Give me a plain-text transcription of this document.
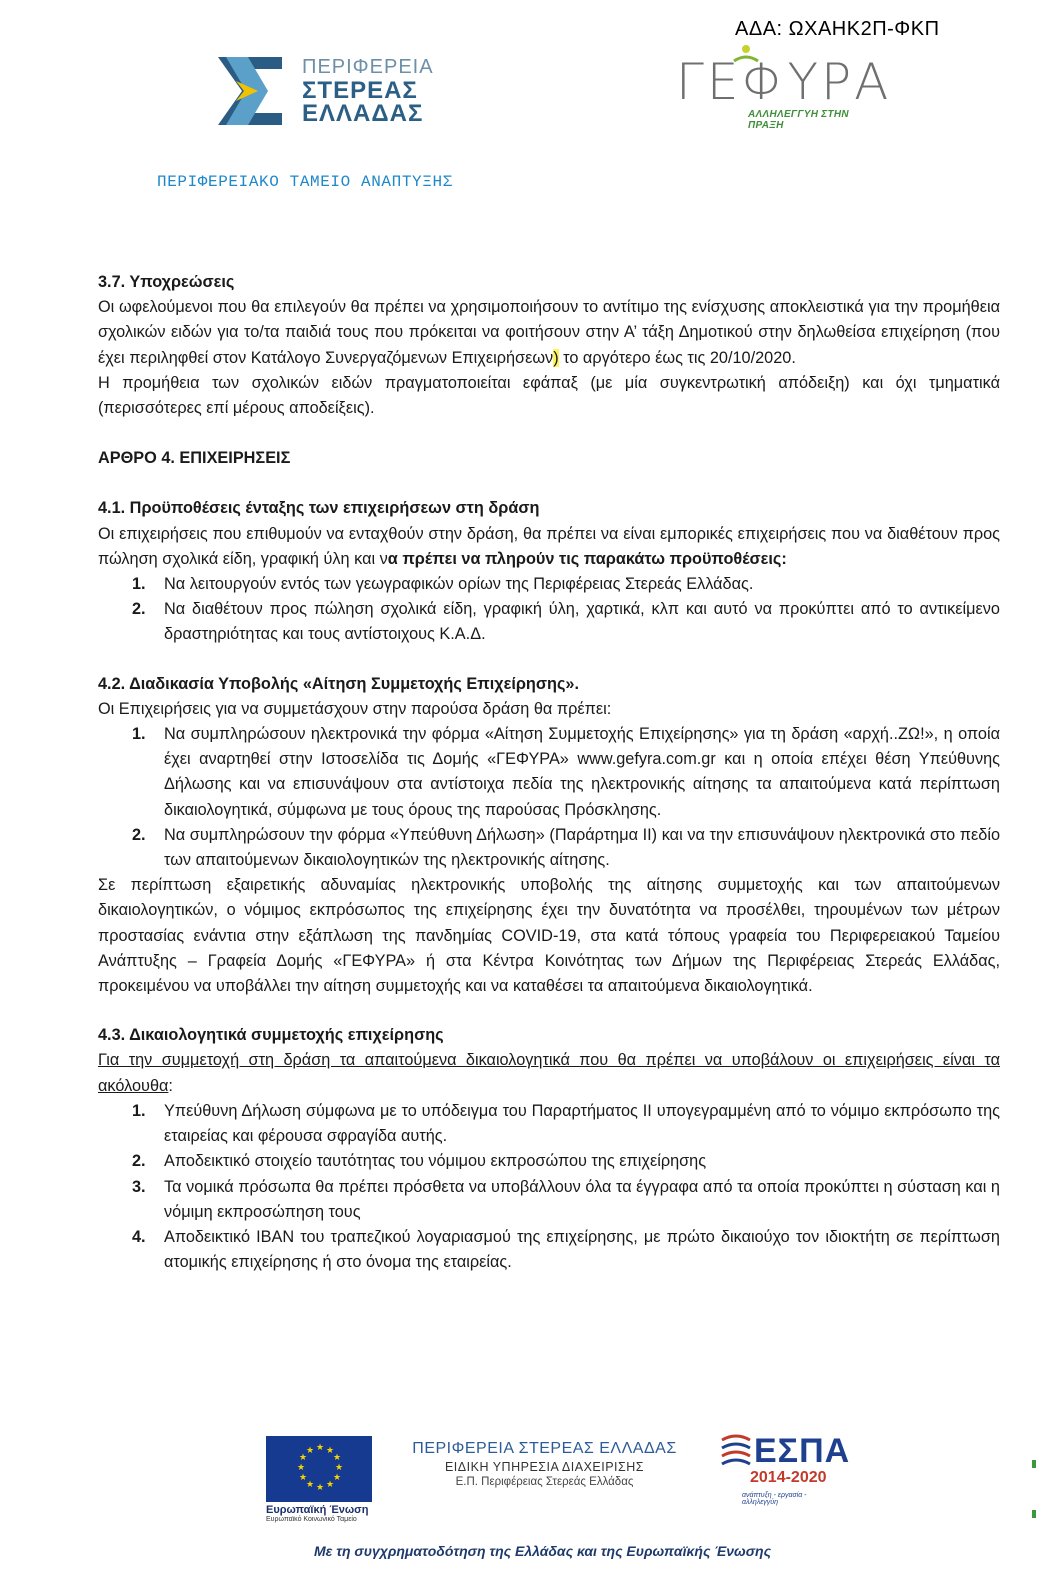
ΑΔΑ: ΩΧΑΗΚ2Π-ΦΚΠ
ΠΕΡΙΦΕΡΕΙΑ
ΣΤΕΡΕΑΣ
ΕΛΛΑΔΑΣ
ΓΕΦΥΡΑ
ΑΛΛΗΛΕΓΓΥΗ ΣΤΗΝ ΠΡΑΞΗ
ΠΕΡΙΦΕΡΕΙΑΚΟ ΤΑΜΕΙΟ ΑΝΑΠΤΥΞΗΣ

3.7. Υποχρεώσεις

Οι ωφελούμενοι που θα επιλεγούν θα πρέπει να χρησιμοποιήσουν το αντίτιμο της ενίσχυσης αποκλειστικά για την προμήθεια σχολικών ειδών για το/τα παιδιά τους που πρόκειται να φοιτήσουν στην Α’ τάξη Δημοτικού στην δηλωθείσα επιχείρηση (που έχει περιληφθεί στον Κατάλογο Συνεργαζόμενων Επιχειρήσεων) το αργότερο έως τις 20/10/2020.

Η προμήθεια των σχολικών ειδών πραγματοποιείται εφάπαξ (με μία συγκεντρωτική απόδειξη) και όχι τμηματικά (περισσότερες επί μέρους αποδείξεις).

ΑΡΘΡΟ 4. ΕΠΙΧΕΙΡΗΣΕΙΣ

4.1. Προϋποθέσεις ένταξης των επιχειρήσεων στη δράση

Οι επιχειρήσεις που επιθυμούν να ενταχθούν στην δράση, θα πρέπει να είναι εμπορικές επιχειρήσεις που να διαθέτουν προς πώληση σχολικά είδη, γραφική ύλη και να πρέπει να πληρούν τις παρακάτω προϋποθέσεις:

1. Να λειτουργούν εντός των γεωγραφικών ορίων της Περιφέρειας Στερεάς Ελλάδας.
2. Να διαθέτουν προς πώληση σχολικά είδη, γραφική ύλη, χαρτικά, κλπ και αυτό να προκύπτει από το αντικείμενο δραστηριότητας και τους αντίστοιχους Κ.Α.Δ.

4.2. Διαδικασία Υποβολής «Αίτηση Συμμετοχής Επιχείρησης».

Οι Επιχειρήσεις για να συμμετάσχουν στην παρούσα δράση θα πρέπει:

1. Να συμπληρώσουν ηλεκτρονικά την φόρμα «Αίτηση Συμμετοχής Επιχείρησης» για τη δράση «αρχή..ΖΩ!», η οποία έχει αναρτηθεί στην Ιστοσελίδα τις Δομής «ΓΕΦΥΡΑ» www.gefyra.com.gr και η οποία επέχει θέση Υπεύθυνης Δήλωσης και να επισυνάψουν στα αντίστοιχα πεδία της ηλεκτρονικής αίτησης τα απαιτούμενα κατά περίπτωση δικαιολογητικά, σύμφωνα με τους όρους της παρούσας Πρόσκλησης.
2. Να συμπληρώσουν την φόρμα «Υπεύθυνη Δήλωση» (Παράρτημα ΙΙ) και να την επισυνάψουν ηλεκτρονικά στο πεδίο των απαιτούμενων δικαιολογητικών της ηλεκτρονικής αίτησης.

Σε περίπτωση εξαιρετικής αδυναμίας ηλεκτρονικής υποβολής της αίτησης συμμετοχής και των απαιτούμενων δικαιολογητικών, ο νόμιμος εκπρόσωπος της επιχείρησης έχει την δυνατότητα να προσέλθει, τηρουμένων των μέτρων προστασίας ενάντια στην εξάπλωση της πανδημίας COVID-19, στα κατά τόπους γραφεία του Περιφερειακού Ταμείου Ανάπτυξης – Γραφεία Δομής «ΓΕΦΥΡΑ» ή στα Κέντρα Κοινότητας των Δήμων της Περιφέρειας Στερεάς Ελλάδας, προκειμένου να υποβάλλει την αίτηση συμμετοχής και να καταθέσει τα απαιτούμενα δικαιολογητικά.

4.3. Δικαιολογητικά συμμετοχής επιχείρησης

Για την συμμετοχή στη δράση τα απαιτούμενα δικαιολογητικά που θα πρέπει να υποβάλουν οι επιχειρήσεις είναι τα ακόλουθα:

1. Υπεύθυνη Δήλωση σύμφωνα με το υπόδειγμα του Παραρτήματος ΙΙ υπογεγραμμένη από το νόμιμο εκπρόσωπο της εταιρείας και φέρουσα σφραγίδα αυτής.
2. Αποδεικτικό στοιχείο ταυτότητας του νόμιμου εκπροσώπου της επιχείρησης
3. Τα νομικά πρόσωπα θα πρέπει πρόσθετα να υποβάλλουν όλα τα έγγραφα από τα οποία προκύπτει η σύσταση και η νόμιμη εκπροσώπηση τους
4. Αποδεικτικό IBAN του τραπεζικού λογαριασμού της επιχείρησης, με πρώτο δικαιούχο τον ιδιοκτήτη σε περίπτωση ατομικής επιχείρησης ή στο όνομα της εταιρείας.
★ ★
★
★
★
★
★
★
★
★
★
★
Ευρωπαϊκή Ένωση
Ευρωπαϊκό Κοινωνικό Ταμείο
ΠΕΡΙΦΕΡΕΙΑ ΣΤΕΡΕΑΣ ΕΛΛΑΔΑΣ
ΕΙΔΙΚΗ ΥΠΗΡΕΣΙΑ ΔΙΑΧΕΙΡΙΣΗΣ
Ε.Π. Περιφέρειας Στερεάς Ελλάδας
ΕΣΠΑ
2014-2020
ανάπτυξη - εργασία - αλληλεγγύη
Με τη συγχρηματοδότηση της Ελλάδας και της Ευρωπαϊκής Ένωσης
